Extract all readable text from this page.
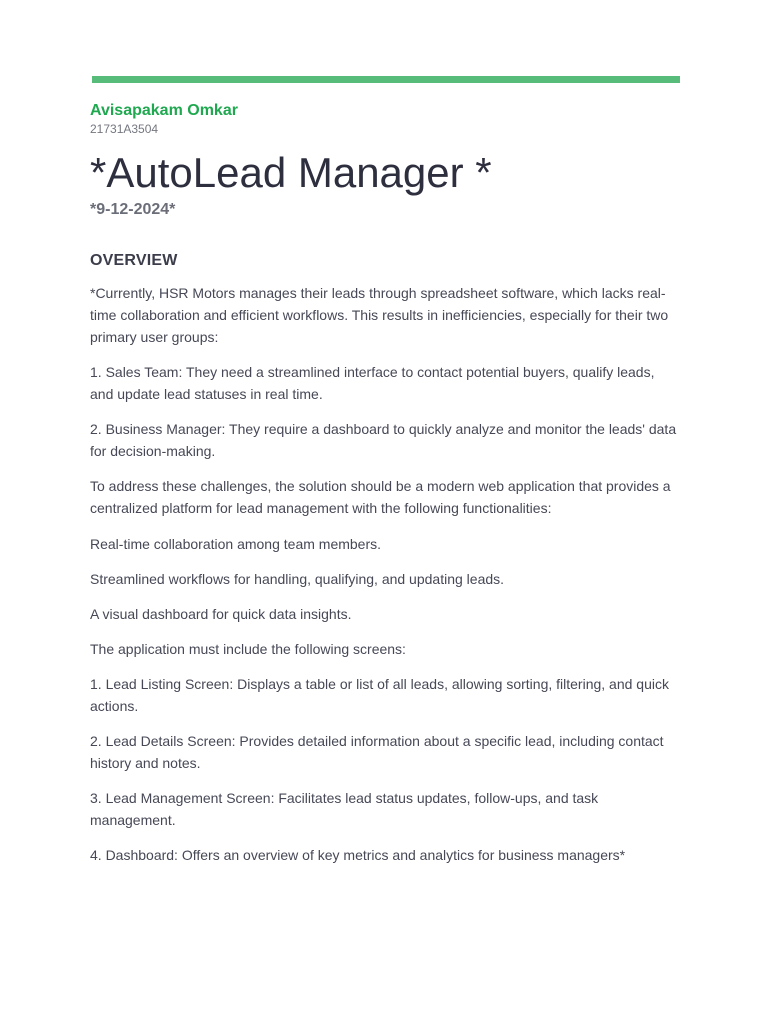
Avisapakam Omkar

21731A3504

*AutoLead Manager *

*9-12-2024*

OVERVIEW

*Currently, HSR Motors manages their leads through spreadsheet software, which lacks real-time collaboration and efficient workflows. This results in inefficiencies, especially for their two primary user groups:

1. Sales Team: They need a streamlined interface to contact potential buyers, qualify leads, and update lead statuses in real time.

2. Business Manager: They require a dashboard to quickly analyze and monitor the leads' data for decision-making.

To address these challenges, the solution should be a modern web application that provides a centralized platform for lead management with the following functionalities:

Real-time collaboration among team members.

Streamlined workflows for handling, qualifying, and updating leads.

A visual dashboard for quick data insights.

The application must include the following screens:

1. Lead Listing Screen: Displays a table or list of all leads, allowing sorting, filtering, and quick actions.

2. Lead Details Screen: Provides detailed information about a specific lead, including contact history and notes.

3. Lead Management Screen: Facilitates lead status updates, follow-ups, and task management.

4. Dashboard: Offers an overview of key metrics and analytics for business managers*
